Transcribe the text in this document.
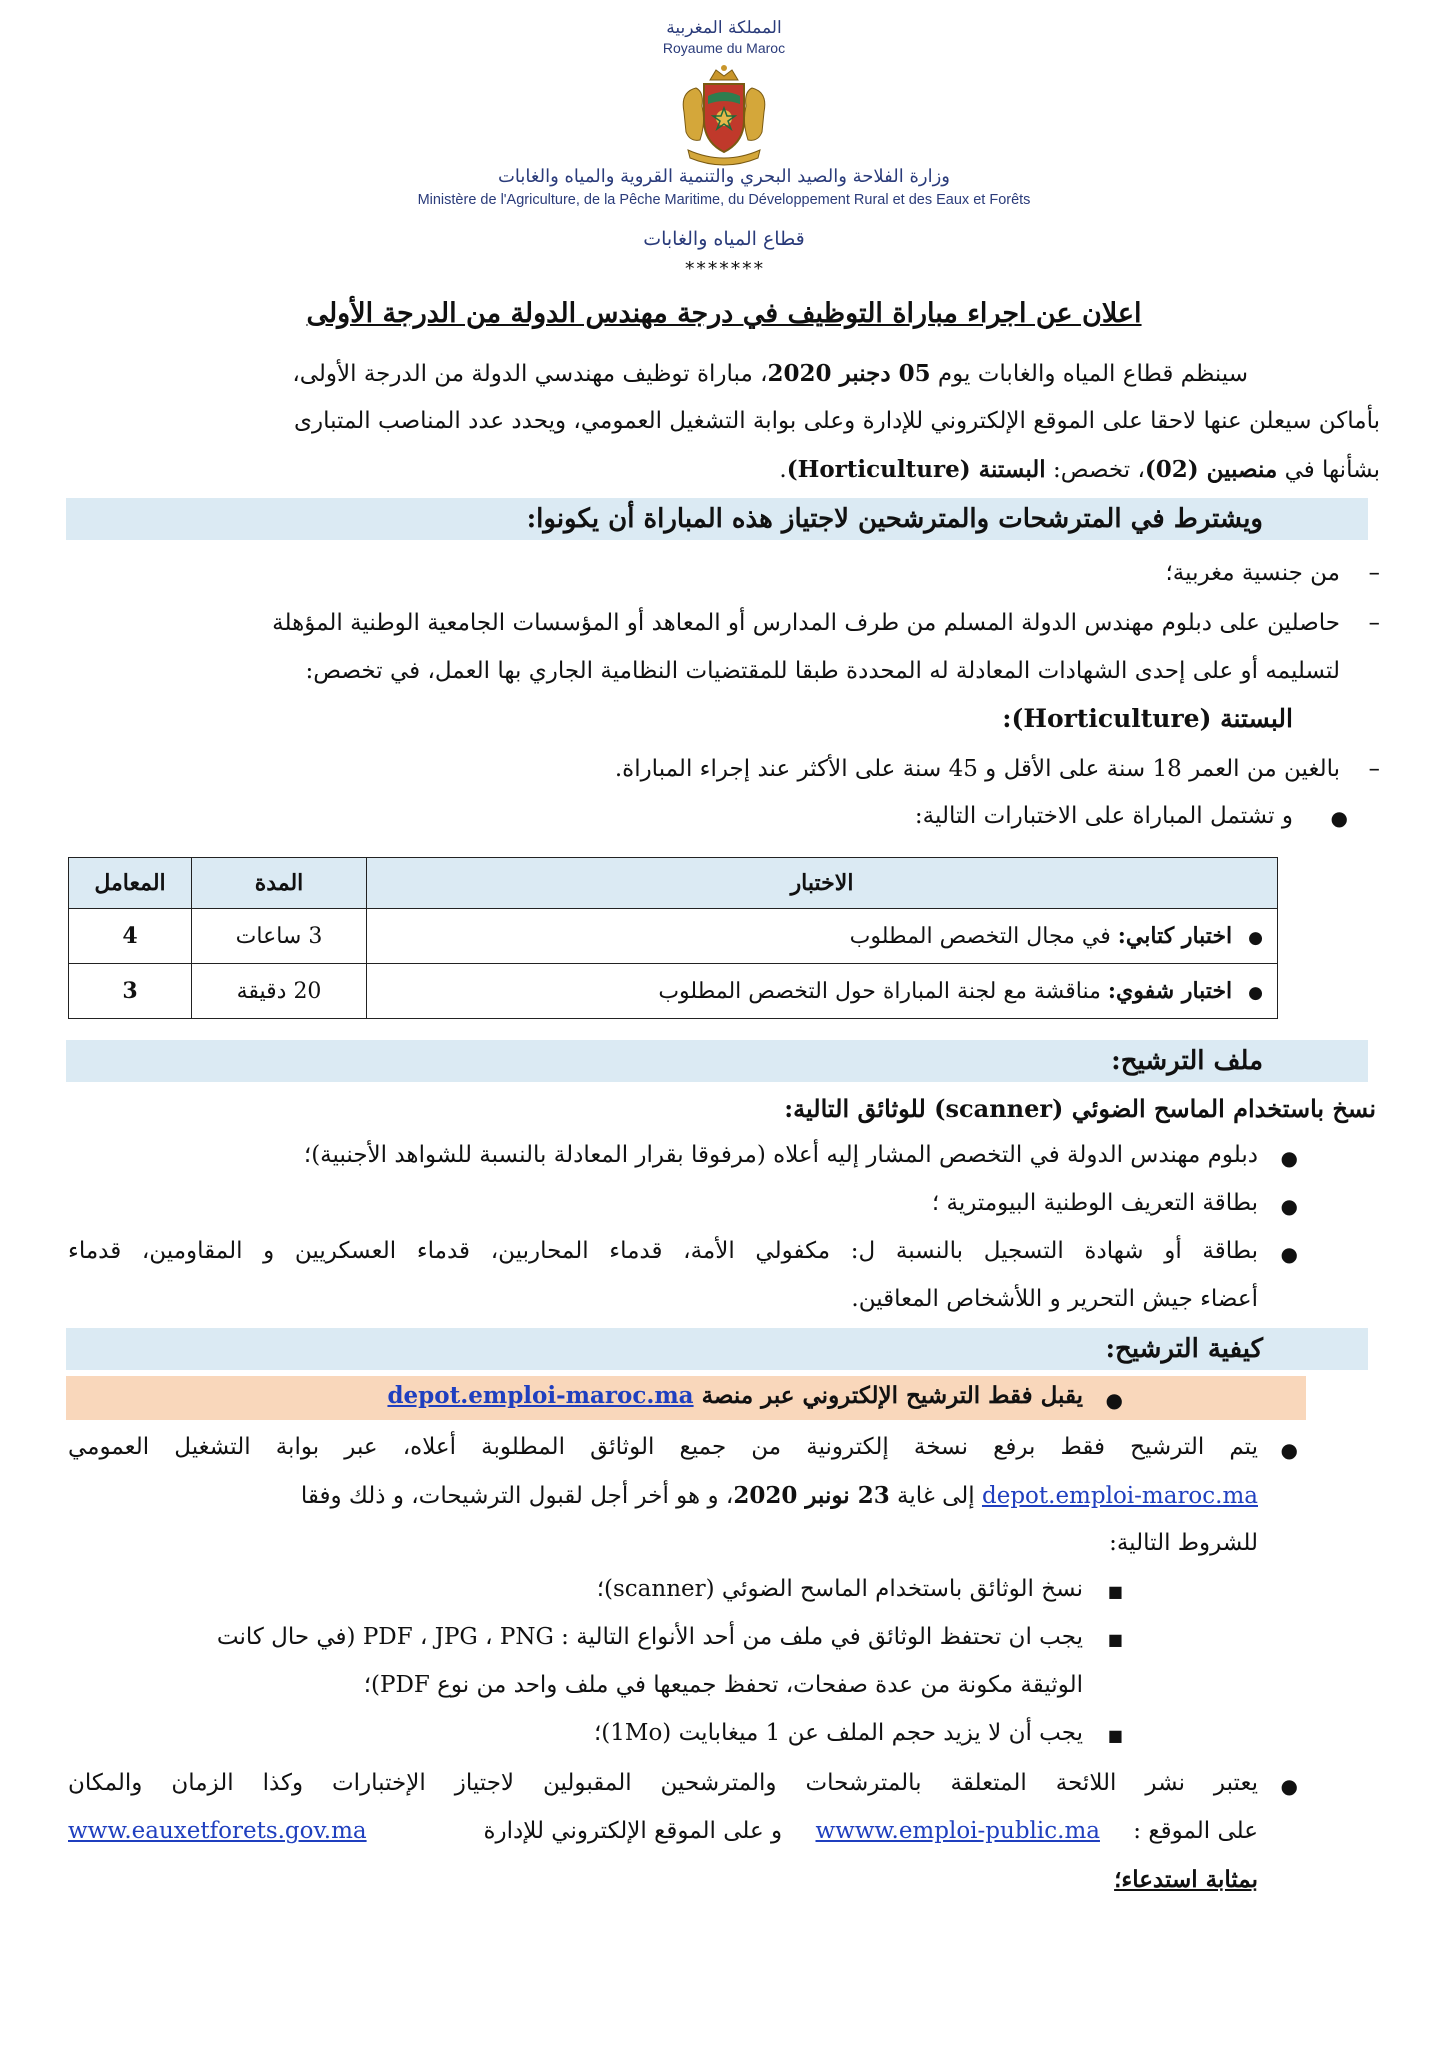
المملكة المغربية
Royaume du Maroc
وزارة الفلاحة والصيد البحري والتنمية القروية والمياه والغابات
Ministère de l'Agriculture, de la Pêche Maritime, du Développement Rural et des Eaux et Forêts
قطاع المياه والغابات
*******
اعلان عن اجراء مباراة التوظيف في درجة مهندس الدولة من الدرجة الأولى
سينظم قطاع المياه والغابات يوم 05 دجنبر 2020، مباراة توظيف مهندسي الدولة من الدرجة الأولى،
بأماكن سيعلن عنها لاحقا على الموقع الإلكتروني للإدارة وعلى بوابة التشغيل العمومي، ويحدد عدد المناصب المتبارى
بشأنها في منصبين (02)، تخصص: البستنة (Horticulture).
ويشترط في المترشحات والمترشحين لاجتياز هذه المباراة أن يكونوا:
–
من جنسية مغربية؛
–
حاصلين على دبلوم مهندس الدولة المسلم من طرف المدارس أو المعاهد أو المؤسسات الجامعية الوطنية المؤهلة
لتسليمه أو على إحدى الشهادات المعادلة له المحددة طبقا للمقتضيات النظامية الجاري بها العمل، في تخصص:
البستنة (Horticulture):
–
بالغين من العمر 18 سنة على الأقل و 45 سنة على الأكثر عند إجراء المباراة.
●
و تشتمل المباراة على الاختبارات التالية:
الاختبار	المدة	المعامل
●اختبار كتابي: في مجال التخصص المطلوب	3 ساعات	4
●اختبار شفوي: مناقشة مع لجنة المباراة حول التخصص المطلوب	20 دقيقة	3
ملف الترشيح:
نسخ باستخدام الماسح الضوئي (scanner) للوثائق التالية:
●
دبلوم مهندس الدولة في التخصص المشار إليه أعلاه (مرفوقا بقرار المعادلة بالنسبة للشواهد الأجنبية)؛
●
بطاقة التعريف الوطنية البيومترية ؛
●
بطاقة أو شهادة التسجيل بالنسبة ل: مكفولي الأمة، قدماء المحاربين، قدماء العسكريين و المقاومين، قدماء
أعضاء جيش التحرير و اللأشخاص المعاقين.
كيفية الترشيح:
●
يقبل فقط الترشيح الإلكتروني عبر منصة depot.emploi-maroc.ma
●
يتم الترشيح فقط برفع نسخة إلكترونية من جميع الوثائق المطلوبة أعلاه، عبر بوابة التشغيل العمومي
depot.emploi-maroc.ma إلى غاية 23 نونبر 2020، و هو أخر أجل لقبول الترشيحات، و ذلك وفقا
للشروط التالية:
■
نسخ الوثائق باستخدام الماسح الضوئي (scanner)؛
■
يجب ان تحتفظ الوثائق في ملف من أحد الأنواع التالية : PDF ، JPG ، PNG (في حال كانت
الوثيقة مكونة من عدة صفحات، تحفظ جميعها في ملف واحد من نوع PDF)؛
■
يجب أن لا يزيد حجم الملف عن 1 ميغابايت (1Mo)؛
●
يعتبر نشر اللائحة المتعلقة بالمترشحات والمترشحين المقبولين لاجتياز الإختبارات وكذا الزمان والمكان
على الموقع : wwww.emploi-public.ma و على الموقع الإلكتروني للإدارة
www.eauxetforets.gov.ma
بمثابة استدعاء؛
